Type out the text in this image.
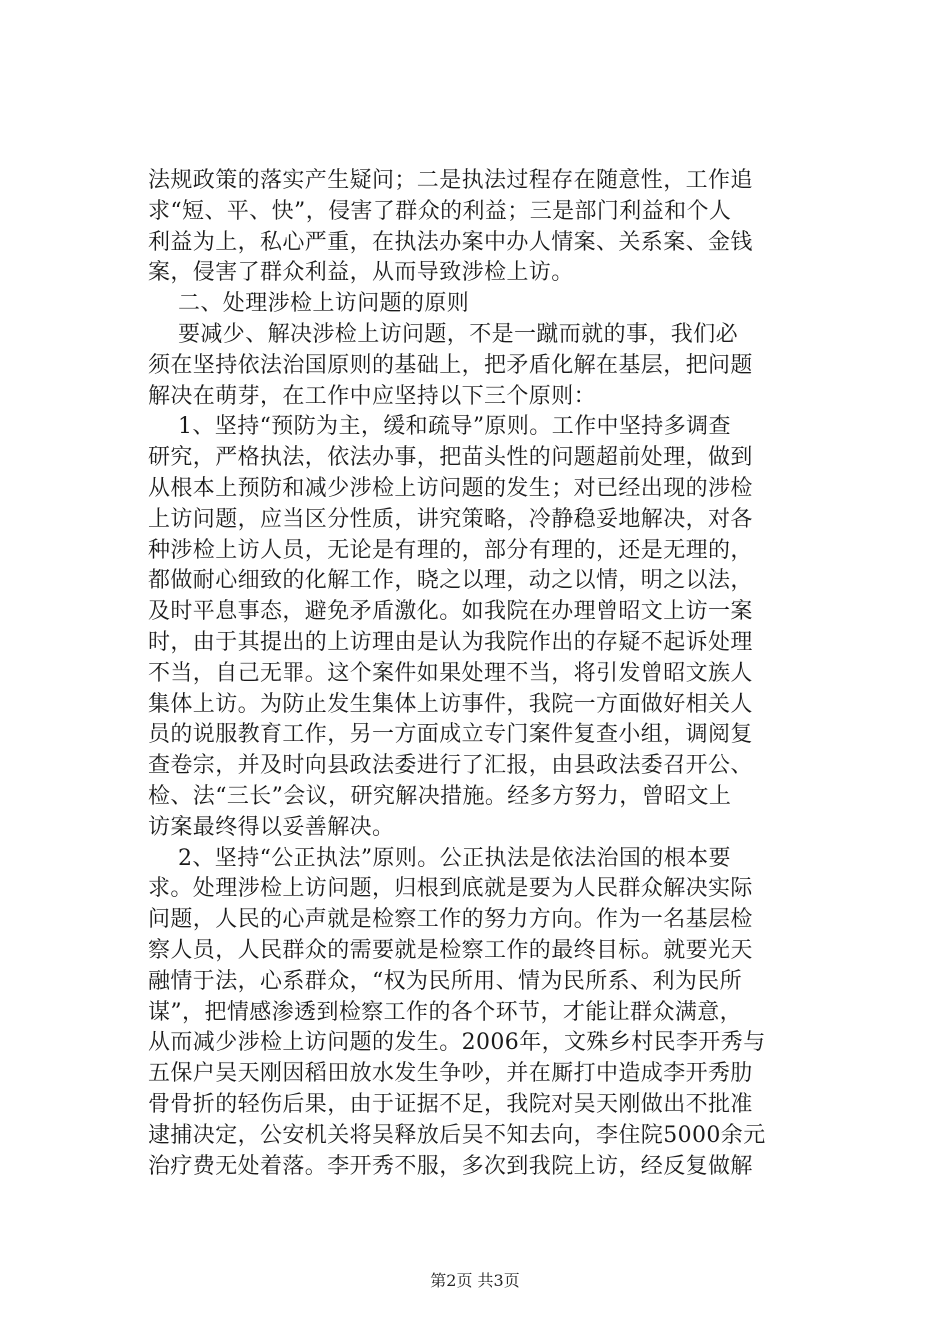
法规政策的落实产生疑问；二是执法过程存在随意性，工作追
求“短、平、快”，侵害了群众的利益；三是部门利益和个人
利益为上，私心严重，在执法办案中办人情案、关系案、金钱
案，侵害了群众利益，从而导致涉检上访。
二、处理涉检上访问题的原则
要减少、解决涉检上访问题，不是一蹴而就的事，我们必
须在坚持依法治国原则的基础上，把矛盾化解在基层，把问题
解决在萌芽，在工作中应坚持以下三个原则：
1、坚持“预防为主，缓和疏导”原则。工作中坚持多调查
研究，严格执法，依法办事，把苗头性的问题超前处理，做到
从根本上预防和减少涉检上访问题的发生；对已经出现的涉检
上访问题，应当区分性质，讲究策略，冷静稳妥地解决，对各
种涉检上访人员，无论是有理的，部分有理的，还是无理的，
都做耐心细致的化解工作，晓之以理，动之以情，明之以法，
及时平息事态，避免矛盾激化。如我院在办理曾昭文上访一案
时，由于其提出的上访理由是认为我院作出的存疑不起诉处理
不当，自己无罪。这个案件如果处理不当，将引发曾昭文族人
集体上访。为防止发生集体上访事件，我院一方面做好相关人
员的说服教育工作，另一方面成立专门案件复查小组，调阅复
查卷宗，并及时向县政法委进行了汇报，由县政法委召开公、
检、法“三长”会议，研究解决措施。经多方努力，曾昭文上
访案最终得以妥善解决。
2、坚持“公正执法”原则。公正执法是依法治国的根本要
求。处理涉检上访问题，归根到底就是要为人民群众解决实际
问题，人民的心声就是检察工作的努力方向。作为一名基层检
察人员，人民群众的需要就是检察工作的最终目标。就要光天
融情于法，心系群众，“权为民所用、情为民所系、利为民所
谋”，把情感渗透到检察工作的各个环节，才能让群众满意，
从而减少涉检上访问题的发生。2006年，文殊乡村民李开秀与
五保户吴天刚因稻田放水发生争吵，并在厮打中造成李开秀肋
骨骨折的轻伤后果，由于证据不足，我院对吴天刚做出不批准
逮捕决定，公安机关将吴释放后吴不知去向，李住院5000余元
治疗费无处着落。李开秀不服，多次到我院上访，经反复做解
第2页 共3页
